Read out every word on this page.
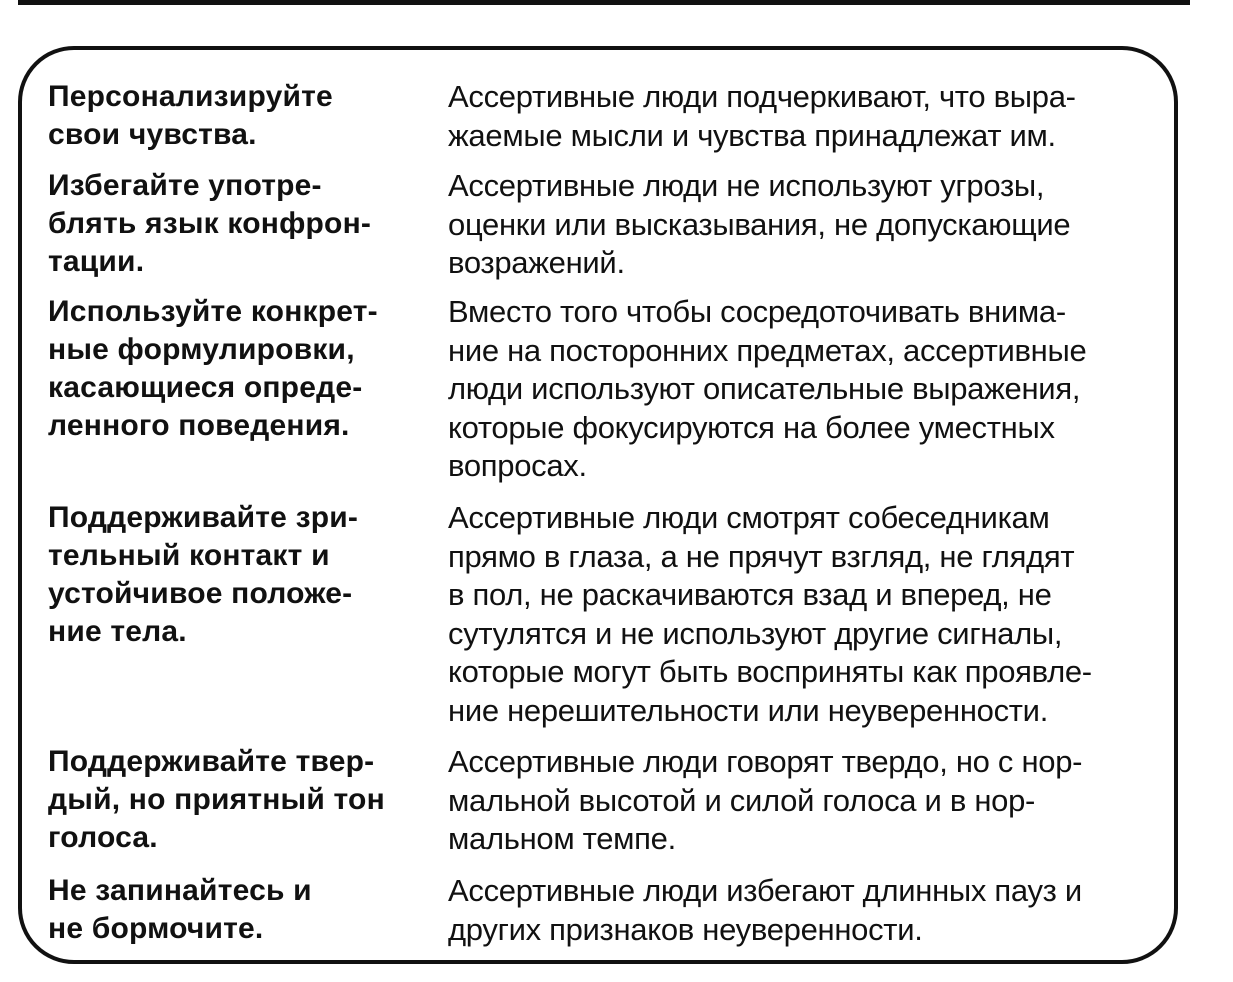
Персонализируйте
свои чувства.
Ассертивные люди подчеркивают, что выра-
жаемые мысли и чувства принадлежат им.
Избегайте употре-
блять язык конфрон-
тации.
Ассертивные люди не используют угрозы,
оценки или высказывания, не допускающие
возражений.
Используйте конкрет-
ные формулировки,
касающиеся опреде-
ленного поведения.
Вместо того чтобы сосредоточивать внима-
ние на посторонних предметах, ассертивные
люди используют описательные выражения,
которые фокусируются на более уместных
вопросах.
Поддерживайте зри-
тельный контакт и
устойчивое положе-
ние тела.
Ассертивные люди смотрят собеседникам
прямо в глаза, а не прячут взгляд, не глядят
в пол, не раскачиваются взад и вперед, не
сутулятся и не используют другие сигналы,
которые могут быть восприняты как проявле-
ние нерешительности или неуверенности.
Поддерживайте твер-
дый, но приятный тон
голоса.
Ассертивные люди говорят твердо, но с нор-
мальной высотой и силой голоса и в нор-
мальном темпе.
Не запинайтесь и
не бормочите.
Ассертивные люди избегают длинных пауз и
других признаков неуверенности.
